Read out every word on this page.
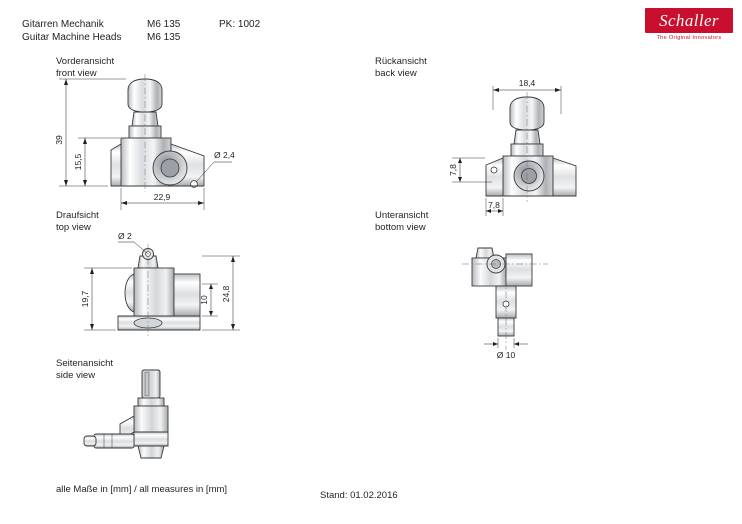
Gitarren Mechanik	M6 135	PK: 1002
Guitar Machine Heads	M6 135
Schaller
The Original Innovators
Vorderansicht
front view
Rückansicht
back view
Draufsicht
top view
Unteransicht
bottom view
Seitenansicht
side view
39
15,5
22,9
Ø 2,4
18,4
7,8
7,8
Ø 2
19,7	24,8
10
Ø 10
alle Maße in [mm] / all measures in [mm]
Stand: 01.02.2016
